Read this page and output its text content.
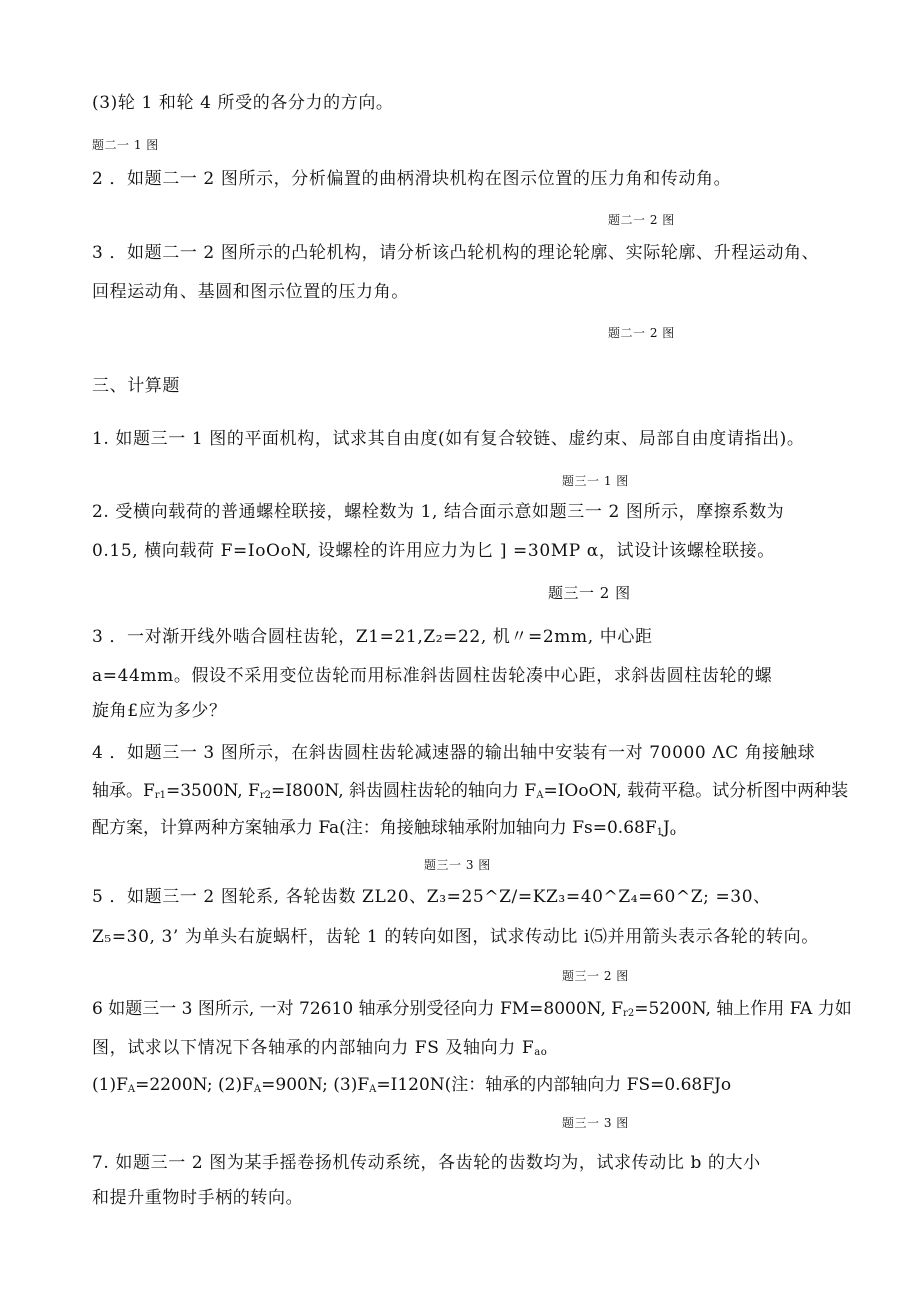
(3)轮 1 和轮 4 所受的各分力的方向。
题二一 1 图
2 ．如题二一 2 图所示，分析偏置的曲柄滑块机构在图示位置的压力角和传动角。
题二一 2 图
3 ．如题二一 2 图所示的凸轮机构，请分析该凸轮机构的理论轮廓、实际轮廓、升程运动角、
回程运动角、基圆和图示位置的压力角。
题二一 2 图
三、计算题
1. 如题三一 1 图的平面机构，试求其自由度(如有复合较链、虚约束、局部自由度请指出)。
题三一 1 图
2. 受横向载荷的普通螺栓联接，螺栓数为 1, 结合面示意如题三一 2 图所示，摩擦系数为
0.15, 横向载荷 F=IoOoN, 设螺栓的许用应力为匕 ] =30MP α，试设计该螺栓联接。
题三一 2 图
3 ．一对渐开线外啮合圆柱齿轮，Z1=21,Z₂=22, 机〃=2mm, 中心距
a=44mm。假设不采用变位齿轮而用标准斜齿圆柱齿轮凑中心距，求斜齿圆柱齿轮的螺
旋角£应为多少？
4 ．如题三一 3 图所示，在斜齿圆柱齿轮减速器的输出轴中安装有一对 70000 ΛC 角接触球
轴承。$F_{r1}=3500N$, $F_{r2}=I800N$, 斜齿圆柱齿轮的轴向力 $F_A=IOoON$, 载荷平稳。试分析图中两种装
配方案，计算两种方案轴承力 Fa(注：角接触球轴承附加轴向力 $Fs=0.68F_1J_o$
题三一 3 图
5 ．如题三一 2 图轮系, 各轮齿数 ZL20、Z₃=25^Z/=KZ₃=40^Z₄=60^Z; =30、
Z₅=30, 3’ 为单头右旋蜗杆，齿轮 1 的转向如图，试求传动比 i⑸并用箭头表示各轮的转向。
题三一 2 图
6 如题三一 3 图所示, 一对 72610 轴承分别受径向力 FM=8000N, $F_{r2}=5200N$, 轴上作用 FA 力如
图，试求以下情况下各轴承的内部轴向力 FS 及轴向力 $F_{ao}$
$(1)F_A=2200N$; $(2)F_A=900N$; $(3)F_A=I120N$(注：轴承的内部轴向力 FS=0.68FJo
题三一 3 图
7. 如题三一 2 图为某手摇卷扬机传动系统，各齿轮的齿数均为，试求传动比 b 的大小
和提升重物时手柄的转向。
